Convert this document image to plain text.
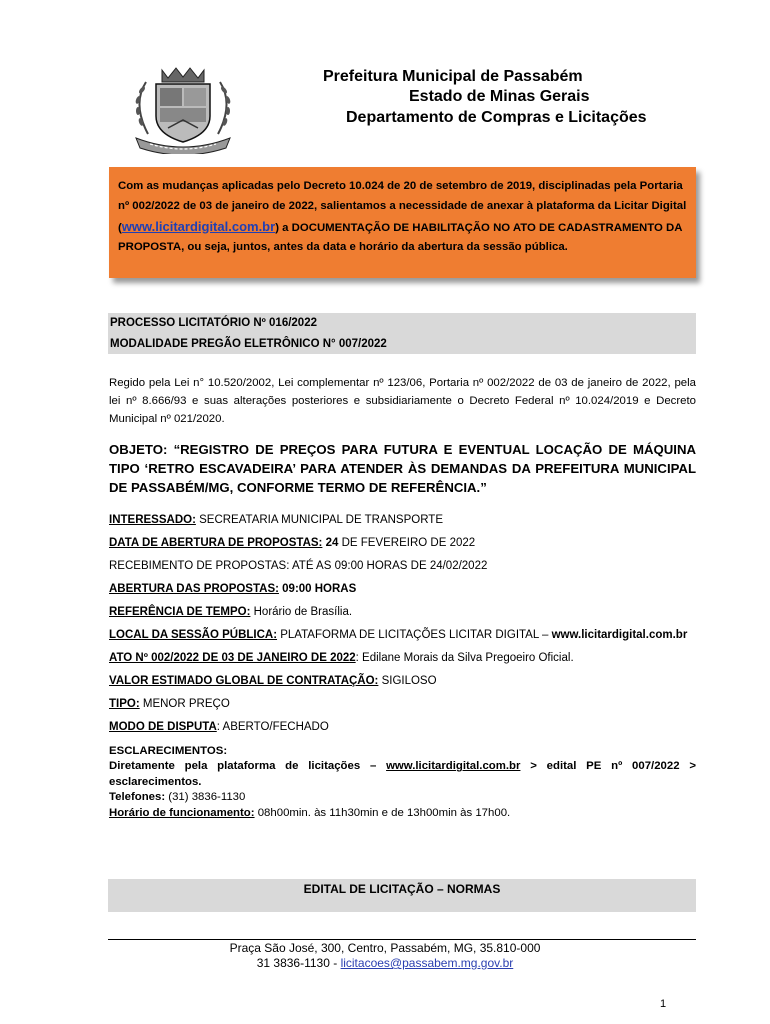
Prefeitura Municipal de Passabém
Estado de Minas Gerais
Departamento de Compras e Licitações
Com as mudanças aplicadas pelo Decreto 10.024 de 20 de setembro de 2019, disciplinadas pela Portaria nº 002/2022 de 03 de janeiro de 2022, salientamos a necessidade de anexar à plataforma da Licitar Digital (www.licitardigital.com.br) a DOCUMENTAÇÃO DE HABILITAÇÃO NO ATO DE CADASTRAMENTO DA PROPOSTA, ou seja, juntos, antes da data e horário da abertura da sessão pública.
PROCESSO LICITATÓRIO Nº 016/2022
MODALIDADE PREGÃO ELETRÔNICO N° 007/2022
Regido pela Lei n° 10.520/2002, Lei complementar nº 123/06, Portaria nº 002/2022 de 03 de janeiro de 2022, pela lei nº 8.666/93 e suas alterações posteriores e subsidiariamente o Decreto Federal nº 10.024/2019 e Decreto Municipal nº 021/2020.
OBJETO: “REGISTRO DE PREÇOS PARA FUTURA E EVENTUAL LOCAÇÃO DE MÁQUINA TIPO ‘RETRO ESCAVADEIRA’ PARA ATENDER ÀS DEMANDAS DA PREFEITURA MUNICIPAL DE PASSABÉM/MG, CONFORME TERMO DE REFERÊNCIA.”
INTERESSADO: SECREATARIA MUNICIPAL DE TRANSPORTE
DATA DE ABERTURA DE PROPOSTAS: 24 DE FEVEREIRO DE 2022
RECEBIMENTO DE PROPOSTAS: ATÉ AS 09:00 HORAS DE 24/02/2022
ABERTURA DAS PROPOSTAS: 09:00 HORAS
REFERÊNCIA DE TEMPO: Horário de Brasília.
LOCAL DA SESSÃO PÚBLICA: PLATAFORMA DE LICITAÇÕES LICITAR DIGITAL – www.licitardigital.com.br
ATO Nº 002/2022 DE 03 DE JANEIRO DE 2022: Edilane Morais da Silva Pregoeiro Oficial.
VALOR ESTIMADO GLOBAL DE CONTRATAÇÃO: SIGILOSO
TIPO: MENOR PREÇO
MODO DE DISPUTA: ABERTO/FECHADO
ESCLARECIMENTOS:
Diretamente pela plataforma de licitações – www.licitardigital.com.br > edital PE nº 007/2022 > esclarecimentos.
Telefones: (31) 3836-1130
Horário de funcionamento: 08h00min. às 11h30min e de 13h00min às 17h00.
EDITAL DE LICITAÇÃO – NORMAS
Praça São José, 300, Centro, Passabém, MG, 35.810-000
31 3836-1130 - licitacoes@passabem.mg.gov.br
1
